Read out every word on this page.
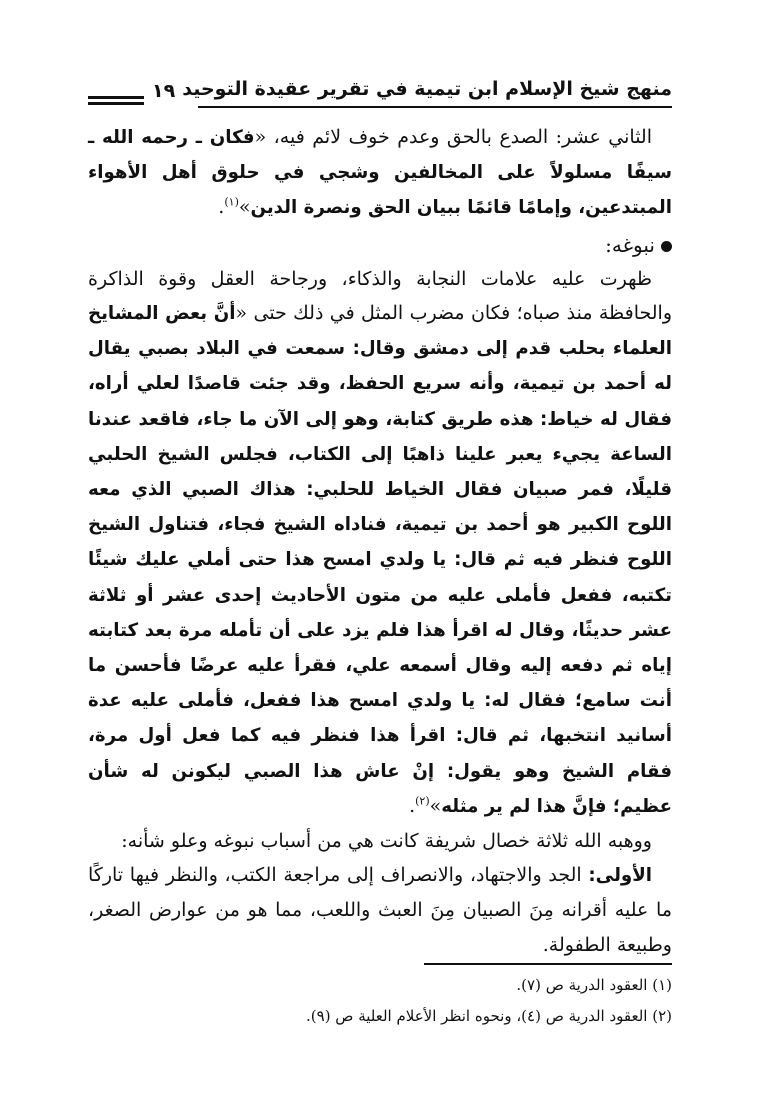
منهج شيخ الإسلام ابن تيمية في تقرير عقيدة التوحيد
١٩

الثاني عشر: الصدع بالحق وعدم خوف لائم فيه، «فكان ـ رحمه الله ـ سيفًا مسلولاً على المخالفين وشجي في حلوق أهل الأهواء المبتدعين، وإمامًا قائمًا ببيان الحق ونصرة الدين»$^{(١)}$.

نبوغه:

ظهرت عليه علامات النجابة والذكاء، ورجاحة العقل وقوة الذاكرة والحافظة منذ صباه؛ فكان مضرب المثل في ذلك حتى «أنَّ بعض المشايخ العلماء بحلب قدم إلى دمشق وقال: سمعت في البلاد بصبي يقال له أحمد بن تيمية، وأنه سريع الحفظ، وقد جئت قاصدًا لعلي أراه، فقال له خياط: هذه طريق كتابة، وهو إلى الآن ما جاء، فاقعد عندنا الساعة يجيء يعبر علينا ذاهبًا إلى الكتاب، فجلس الشيخ الحلبي قليلًا، فمر صبيان فقال الخياط للحلبي: هذاك الصبي الذي معه اللوح الكبير هو أحمد بن تيمية، فناداه الشيخ فجاء، فتناول الشيخ اللوح فنظر فيه ثم قال: يا ولدي امسح هذا حتى أملي عليك شيئًا تكتبه، ففعل فأملى عليه من متون الأحاديث إحدى عشر أو ثلاثة عشر حديثًا، وقال له اقرأ هذا فلم يزد على أن تأمله مرة بعد كتابته إياه ثم دفعه إليه وقال أسمعه علي، فقرأ عليه عرضًا فأحسن ما أنت سامع؛ فقال له: يا ولدي امسح هذا ففعل، فأملى عليه عدة أسانيد انتخبها، ثم قال: اقرأ هذا فنظر فيه كما فعل أول مرة، فقام الشيخ وهو يقول: إنْ عاش هذا الصبي ليكونن له شأن عظيم؛ فإنَّ هذا لم ير مثله»$^{(٢)}$.

ووهبه الله ثلاثة خصال شريفة كانت هي من أسباب نبوغه وعلو شأنه:

الأولى: الجد والاجتهاد، والانصراف إلى مراجعة الكتب، والنظر فيها تاركًا ما عليه أقرانه مِنَ الصبيان مِنَ العبث واللعب، مما هو من عوارض الصغر، وطبيعة الطفولة.

(١) العقود الدرية ص (٧).

(٢) العقود الدرية ص (٤)، ونحوه انظر الأعلام العلية ص (٩).
